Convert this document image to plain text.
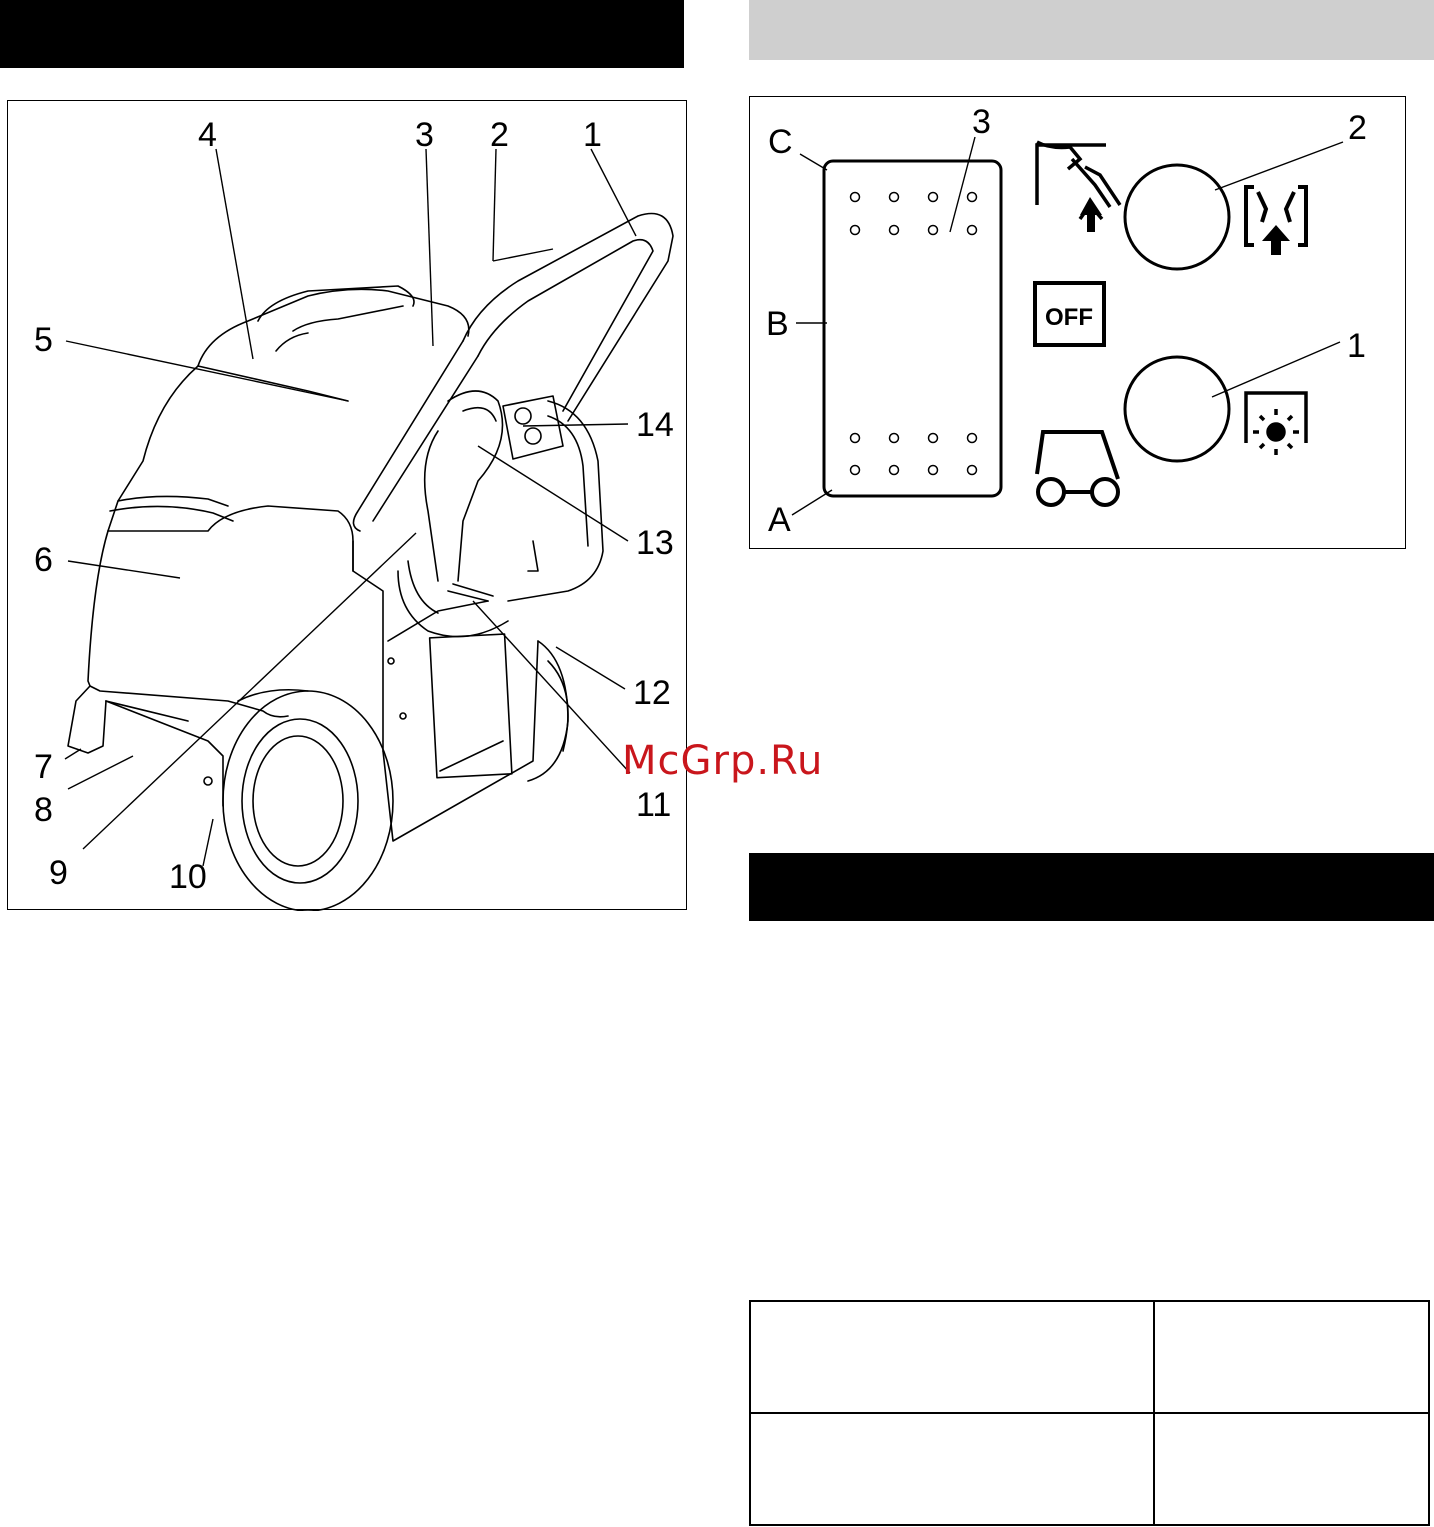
1
2
3
4
5
6
7
8
9	10
11
12
13
14
OFF
C
B
A
3	2
1
McGrp.Ru
